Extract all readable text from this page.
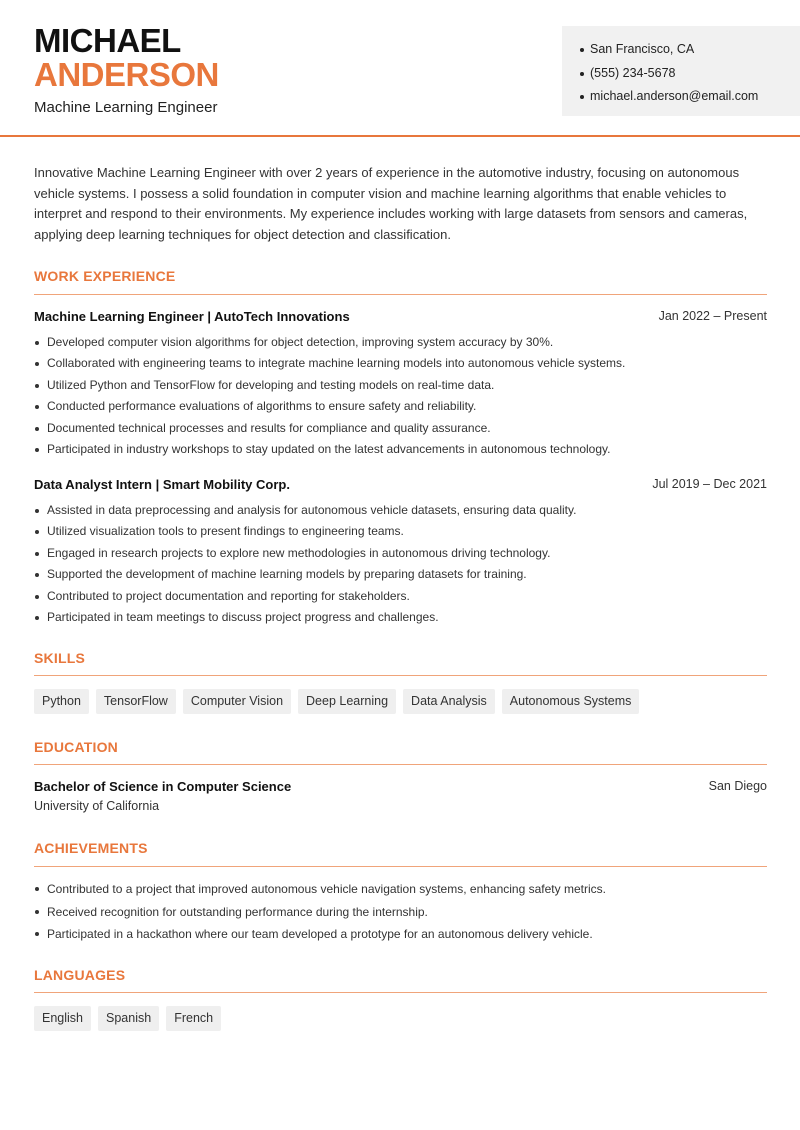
MICHAEL
ANDERSON
Machine Learning Engineer
San Francisco, CA
(555) 234-5678
michael.anderson@email.com

Innovative Machine Learning Engineer with over 2 years of experience in the automotive industry, focusing on autonomous vehicle systems. I possess a solid foundation in computer vision and machine learning algorithms that enable vehicles to interpret and respond to their environments. My experience includes working with large datasets from sensors and cameras, applying deep learning techniques for object detection and classification.

WORK EXPERIENCE
Machine Learning Engineer | AutoTech Innovations	Jan 2022 – Present
Developed computer vision algorithms for object detection, improving system accuracy by 30%.
Collaborated with engineering teams to integrate machine learning models into autonomous vehicle systems.
Utilized Python and TensorFlow for developing and testing models on real-time data.
Conducted performance evaluations of algorithms to ensure safety and reliability.
Documented technical processes and results for compliance and quality assurance.
Participated in industry workshops to stay updated on the latest advancements in autonomous technology.
Data Analyst Intern | Smart Mobility Corp.	Jul 2019 – Dec 2021
Assisted in data preprocessing and analysis for autonomous vehicle datasets, ensuring data quality.
Utilized visualization tools to present findings to engineering teams.
Engaged in research projects to explore new methodologies in autonomous driving technology.
Supported the development of machine learning models by preparing datasets for training.
Contributed to project documentation and reporting for stakeholders.
Participated in team meetings to discuss project progress and challenges.
SKILLS
Python	TensorFlow	Computer Vision	Deep Learning	Data Analysis	Autonomous Systems
EDUCATION
Bachelor of Science in Computer Science	San Diego
University of California
ACHIEVEMENTS
Contributed to a project that improved autonomous vehicle navigation systems, enhancing safety metrics.
Received recognition for outstanding performance during the internship.
Participated in a hackathon where our team developed a prototype for an autonomous delivery vehicle.
LANGUAGES
English	Spanish	French
